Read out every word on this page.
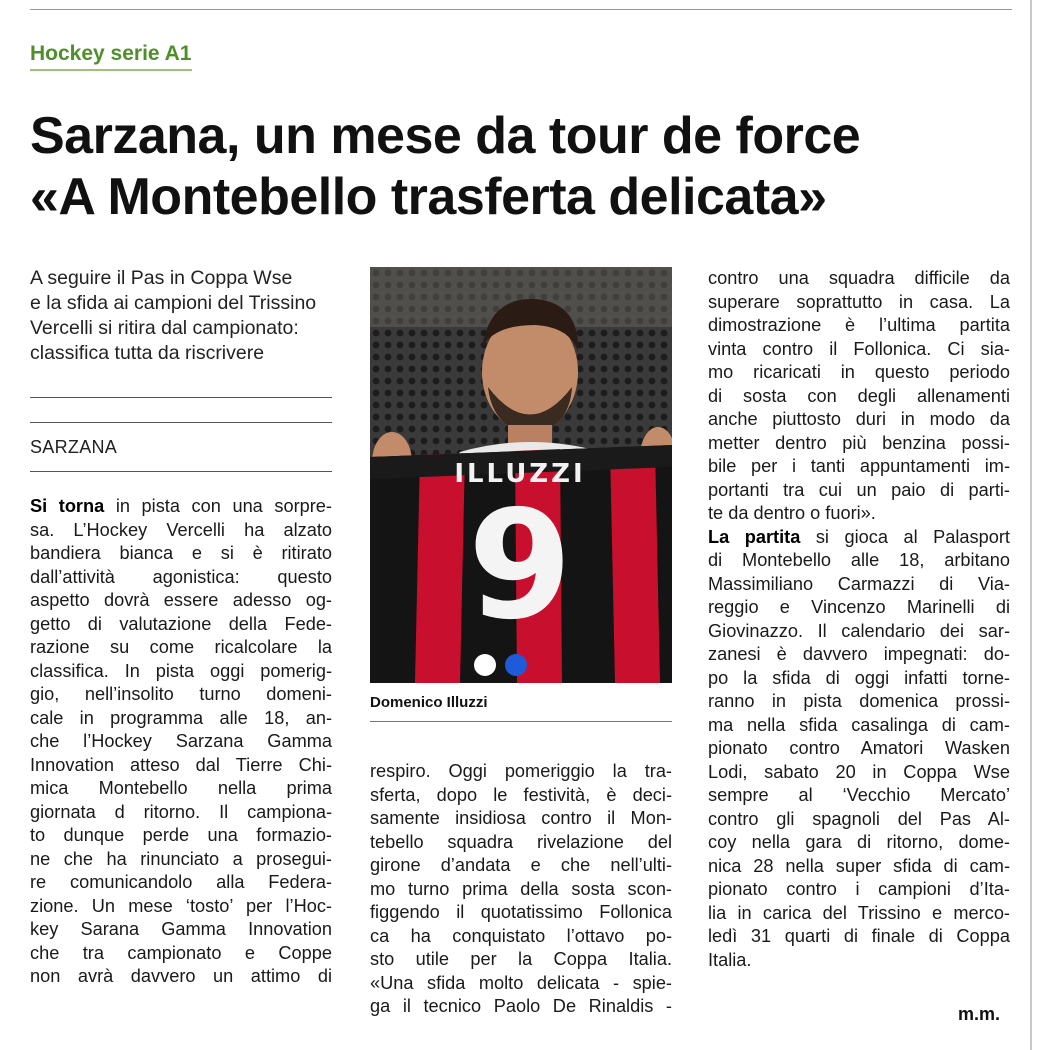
Hockey serie A1
Sarzana, un mese da tour de force
«A Montebello trasferta delicata»
A seguire il Pas in Coppa Wse
e la sfida ai campioni del Trissino
Vercelli si ritira dal campionato:
classifica tutta da riscrivere
SARZANA
Si torna in pista con una sorpre-
sa. L’Hockey Vercelli ha alzato
bandiera bianca e si è ritirato
dall’attività agonistica: questo
aspetto dovrà essere adesso og-
getto di valutazione della Fede-
razione su come ricalcolare la
classifica. In pista oggi pomerig-
gio, nell’insolito turno domeni-
cale in programma alle 18, an-
che l’Hockey Sarzana Gamma
Innovation atteso dal Tierre Chi-
mica Montebello nella prima
giornata d ritorno. Il campiona-
to dunque perde una formazio-
ne che ha rinunciato a prosegui-
re comunicandolo alla Federa-
zione. Un mese ‘tosto’ per l’Hoc-
key Sarana Gamma Innovation
che tra campionato e Coppe
non avrà davvero un attimo di
ILLUZZI
9
Domenico Illuzzi
respiro. Oggi pomeriggio la tra-
sferta, dopo le festività, è deci-
samente insidiosa contro il Mon-
tebello squadra rivelazione del
girone d’andata e che nell’ulti-
mo turno prima della sosta scon-
figgendo il quotatissimo Follonica
ca ha conquistato l’ottavo po-
sto utile per la Coppa Italia.
«Una sfida molto delicata - spie-
ga il tecnico Paolo De Rinaldis -
contro una squadra difficile da
superare soprattutto in casa. La
dimostrazione è l’ultima partita
vinta contro il Follonica. Ci sia-
mo ricaricati in questo periodo
di sosta con degli allenamenti
anche piuttosto duri in modo da
metter dentro più benzina possi-
bile per i tanti appuntamenti im-
portanti tra cui un paio di parti-
te da dentro o fuori».
La partita si gioca al Palasport
di Montebello alle 18, arbitano
Massimiliano Carmazzi di Via-
reggio e Vincenzo Marinelli di
Giovinazzo. Il calendario dei sar-
zanesi è davvero impegnati: do-
po la sfida di oggi infatti torne-
ranno in pista domenica prossi-
ma nella sfida casalinga di cam-
pionato contro Amatori Wasken
Lodi, sabato 20 in Coppa Wse
sempre al ‘Vecchio Mercato’
contro gli spagnoli del Pas Al-
coy nella gara di ritorno, dome-
nica 28 nella super sfida di cam-
pionato contro i campioni d’Ita-
lia in carica del Trissino e merco-
ledì 31 quarti di finale di Coppa
Italia.
m.m.
